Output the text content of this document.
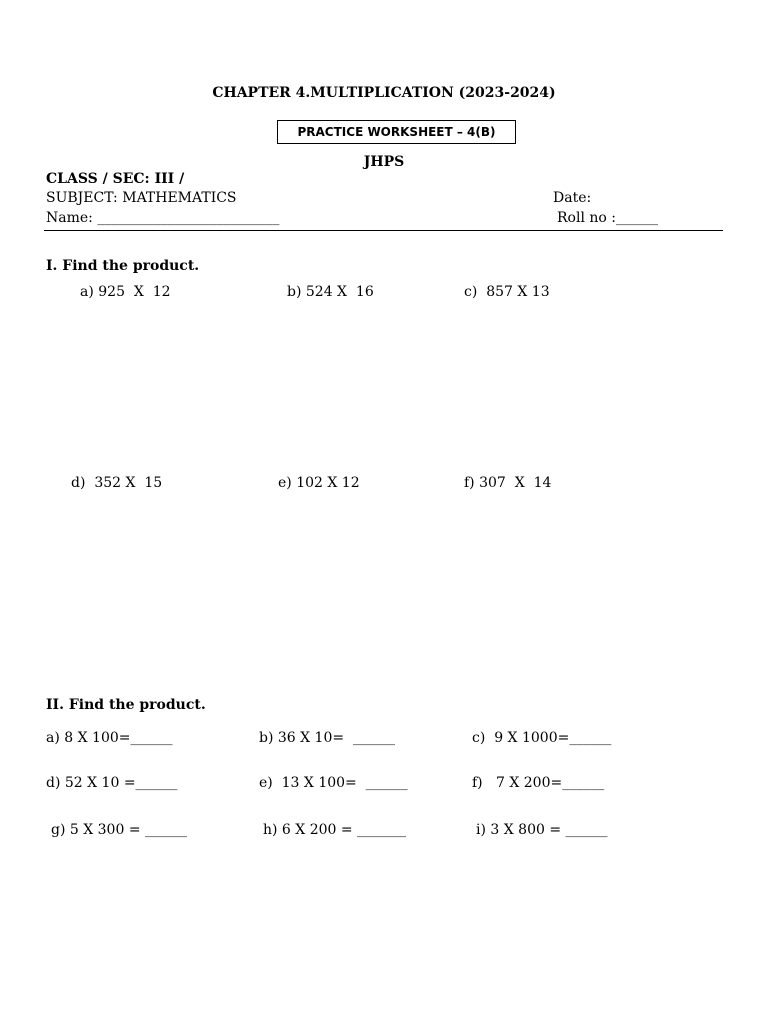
CHAPTER 4.MULTIPLICATION (2023-2024)
PRACTICE WORKSHEET – 4(B)
JHPS
CLASS / SEC: III /
SUBJECT: MATHEMATICS	Date:
Name: __________________________	Roll no :______
I. Find the product.
a) 925  X  12	b) 524 X  16	c)  857 X 13
d)  352 X  15	e) 102 X 12	f) 307  X  14
II. Find the product.
a) 8 X 100=______	b) 36 X 10=  ______	c)  9 X 1000=______
d) 52 X 10 =______	e)  13 X 100=  ______	f)   7 X 200=______
g) 5 X 300 = ______	h) 6 X 200 = _______	i) 3 X 800 = ______
